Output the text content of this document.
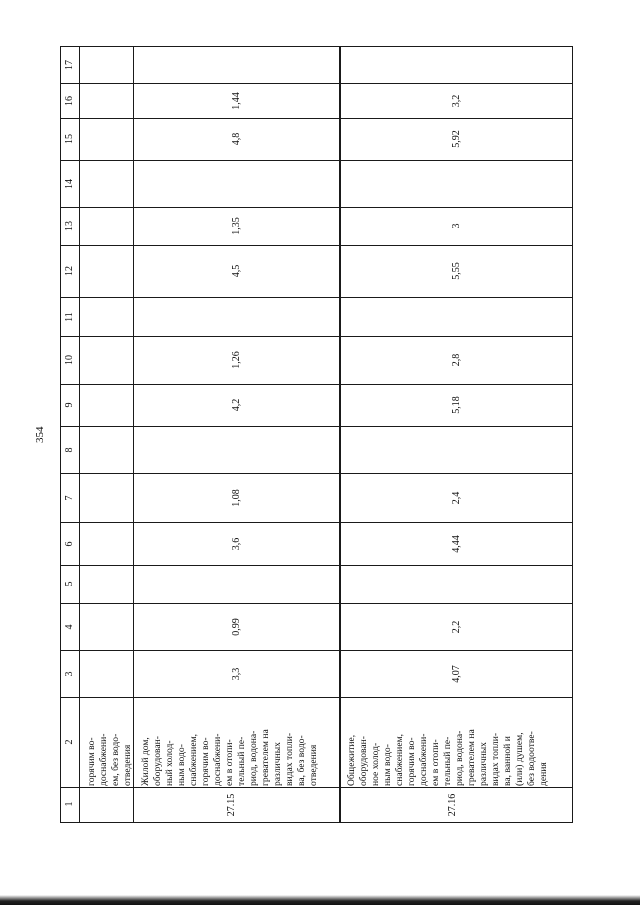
354
17
16
15
14
13
12
11
10
9
8
7
6
5
4
3
2
1
горячим во-
доснабжени-
ем, без водо-
отведения
27.15
Жилой дом,
оборудован-
ный холод-
ным водо-
снабжением,
горячим во-
доснабжени-
ем в отопи-
тельный пе-
риод, водона-
гревателем на
различных
видах топли-
ва, без водо-
отведения
3,3
0,99
3,6
1,08
4,2
1,26
4,5
1,35
4,8
1,44
27.16
Общежитие,
оборудован-
ное холод-
ным водо-
снабжением,
горячим во-
доснабжени-
ем в отопи-
тельный пе-
риод, водона-
гревателем на
различных
видах топли-
ва, ванной и
(или) душем,
без водоотве-
дения
4,07
2,2
4,44
2,4
5,18
2,8
5,55
3
5,92
3,2
